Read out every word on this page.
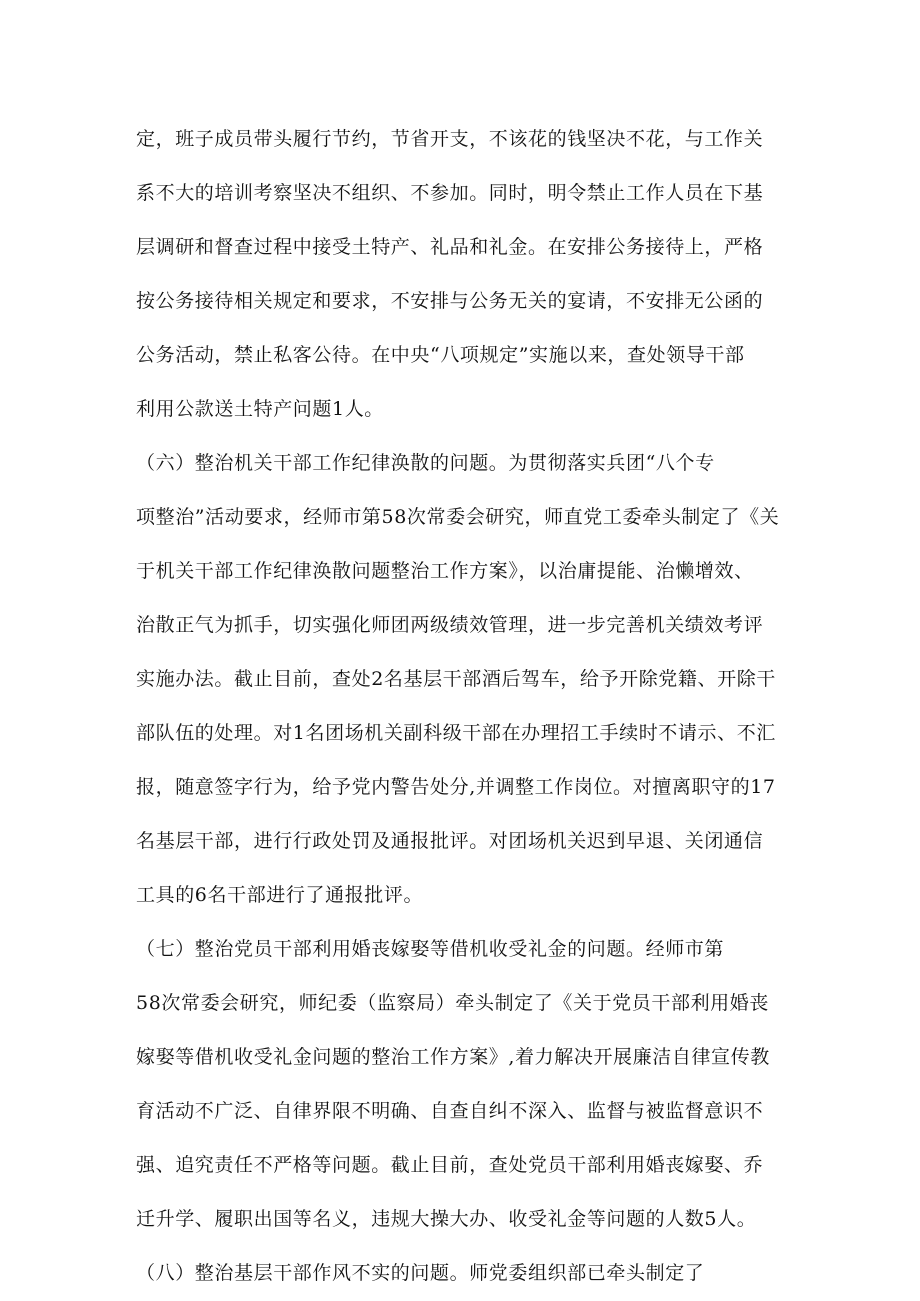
定，班子成员带头履行节约，节省开支，不该花的钱坚决不花，与工作关
系不大的培训考察坚决不组织、不参加。同时，明令禁止工作人员在下基
层调研和督查过程中接受土特产、礼品和礼金。在安排公务接待上，严格
按公务接待相关规定和要求，不安排与公务无关的宴请，不安排无公函的
公务活动，禁止私客公待。在中央“八项规定”实施以来，查处领导干部
利用公款送土特产问题1人。
（六）整治机关干部工作纪律涣散的问题。为贯彻落实兵团“八个专
项整治”活动要求，经师市第58次常委会研究，师直党工委牵头制定了《关
于机关干部工作纪律涣散问题整治工作方案》，以治庸提能、治懒增效、
治散正气为抓手，切实强化师团两级绩效管理，进一步完善机关绩效考评
实施办法。截止目前，查处2名基层干部酒后驾车，给予开除党籍、开除干
部队伍的处理。对1名团场机关副科级干部在办理招工手续时不请示、不汇
报，随意签字行为，给予党内警告处分,并调整工作岗位。对擅离职守的17
名基层干部，进行行政处罚及通报批评。对团场机关迟到早退、关闭通信
工具的6名干部进行了通报批评。
（七）整治党员干部利用婚丧嫁娶等借机收受礼金的问题。经师市第
58次常委会研究，师纪委（监察局）牵头制定了《关于党员干部利用婚丧
嫁娶等借机收受礼金问题的整治工作方案》,着力解决开展廉洁自律宣传教
育活动不广泛、自律界限不明确、自查自纠不深入、监督与被监督意识不
强、追究责任不严格等问题。截止目前，查处党员干部利用婚丧嫁娶、乔
迁升学、履职出国等名义，违规大操大办、收受礼金等问题的人数5人。
（八）整治基层干部作风不实的问题。师党委组织部已牵头制定了
